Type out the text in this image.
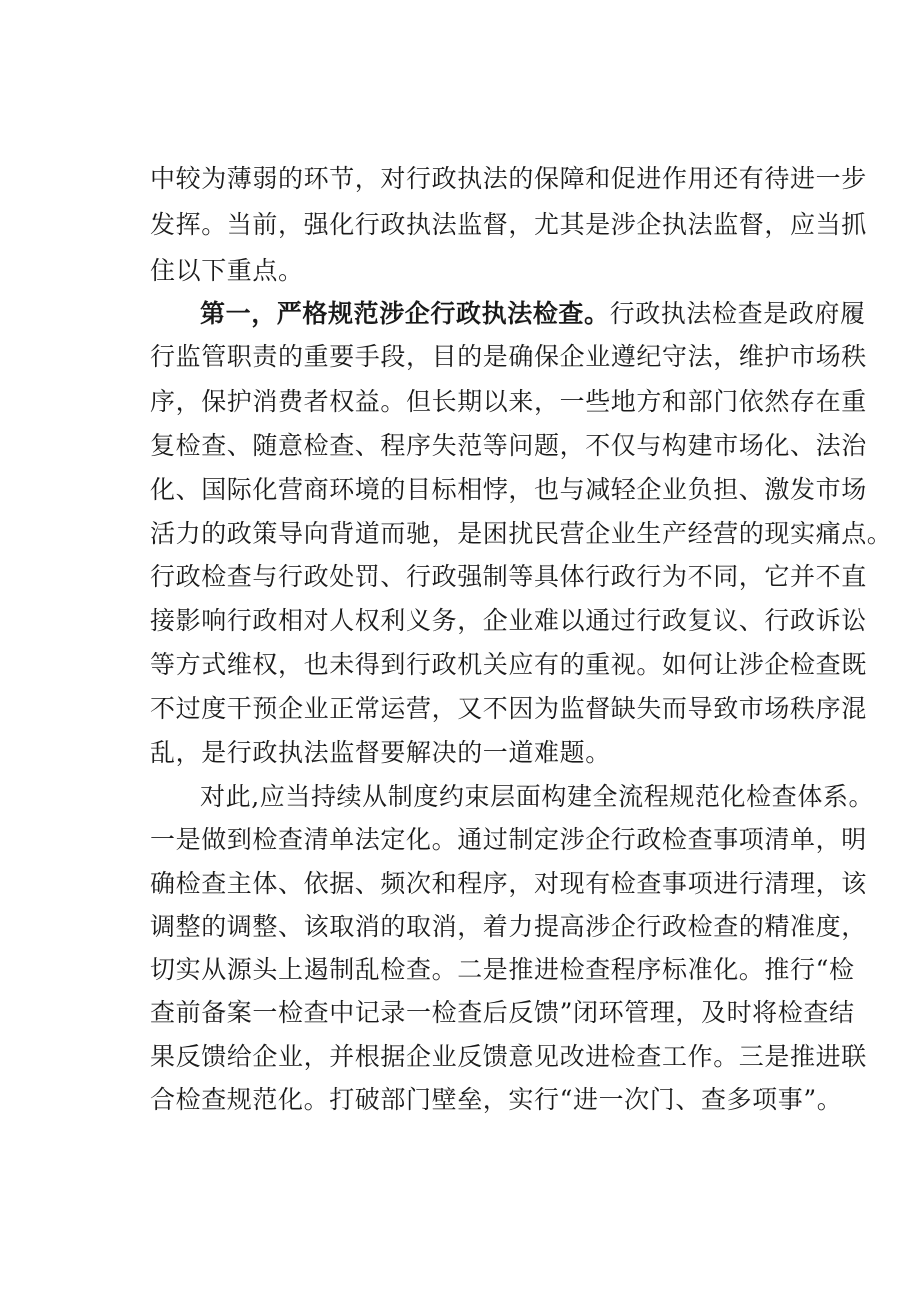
中较为薄弱的环节，对行政执法的保障和促进作用还有待进一步
发挥。当前，强化行政执法监督，尤其是涉企执法监督，应当抓
住以下重点。
第一，严格规范涉企行政执法检查。行政执法检查是政府履
行监管职责的重要手段，目的是确保企业遵纪守法，维护市场秩
序，保护消费者权益。但长期以来，一些地方和部门依然存在重
复检查、随意检查、程序失范等问题，不仅与构建市场化、法治
化、国际化营商环境的目标相悖，也与减轻企业负担、激发市场
活力的政策导向背道而驰，是困扰民营企业生产经营的现实痛点。
行政检查与行政处罚、行政强制等具体行政行为不同，它并不直
接影响行政相对人权利义务，企业难以通过行政复议、行政诉讼
等方式维权，也未得到行政机关应有的重视。如何让涉企检查既
不过度干预企业正常运营，又不因为监督缺失而导致市场秩序混
乱，是行政执法监督要解决的一道难题。
对此,应当持续从制度约束层面构建全流程规范化检查体系。
一是做到检查清单法定化。通过制定涉企行政检查事项清单，明
确检查主体、依据、频次和程序，对现有检查事项进行清理，该
调整的调整、该取消的取消，着力提高涉企行政检查的精准度，
切实从源头上遏制乱检查。二是推进检查程序标准化。推行“检
查前备案一检查中记录一检查后反馈”闭环管理，及时将检查结
果反馈给企业，并根据企业反馈意见改进检查工作。三是推进联
合检查规范化。打破部门壁垒，实行“进一次门、查多项事”。
